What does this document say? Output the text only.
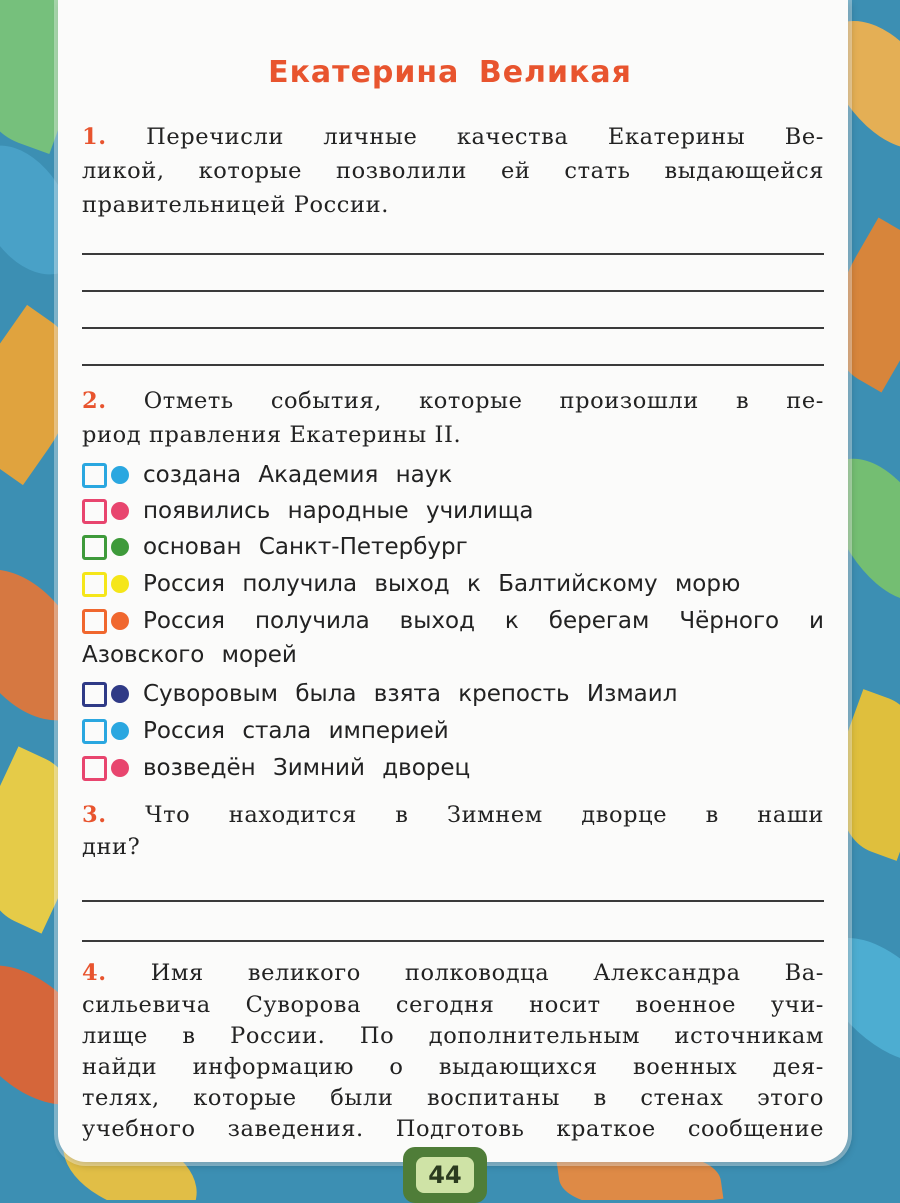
Екатерина Великая
1. Перечисли личные качества Екатерины Ве-
ликой, которые позволили ей стать выдающейся
правительницей России.
2. Отметь события, которые произошли в пе-
риод правления Екатерины II.
создана Академия наук
появились народные училища
основан Санкт-Петербург
Россия получила выход к Балтийскому морю
Россия получила выход к берегам Чёрного и
Азовского морей
Суворовым была взята крепость Измаил
Россия стала империей
возведён Зимний дворец
3. Что находится в Зимнем дворце в наши
дни?
4. Имя великого полководца Александра Ва-
сильевича Суворова сегодня носит военное учи-
лище в России. По дополнительным источникам
найди информацию о выдающихся военных дея-
телях, которые были воспитаны в стенах этого
учебного заведения. Подготовь краткое сообщение
44
